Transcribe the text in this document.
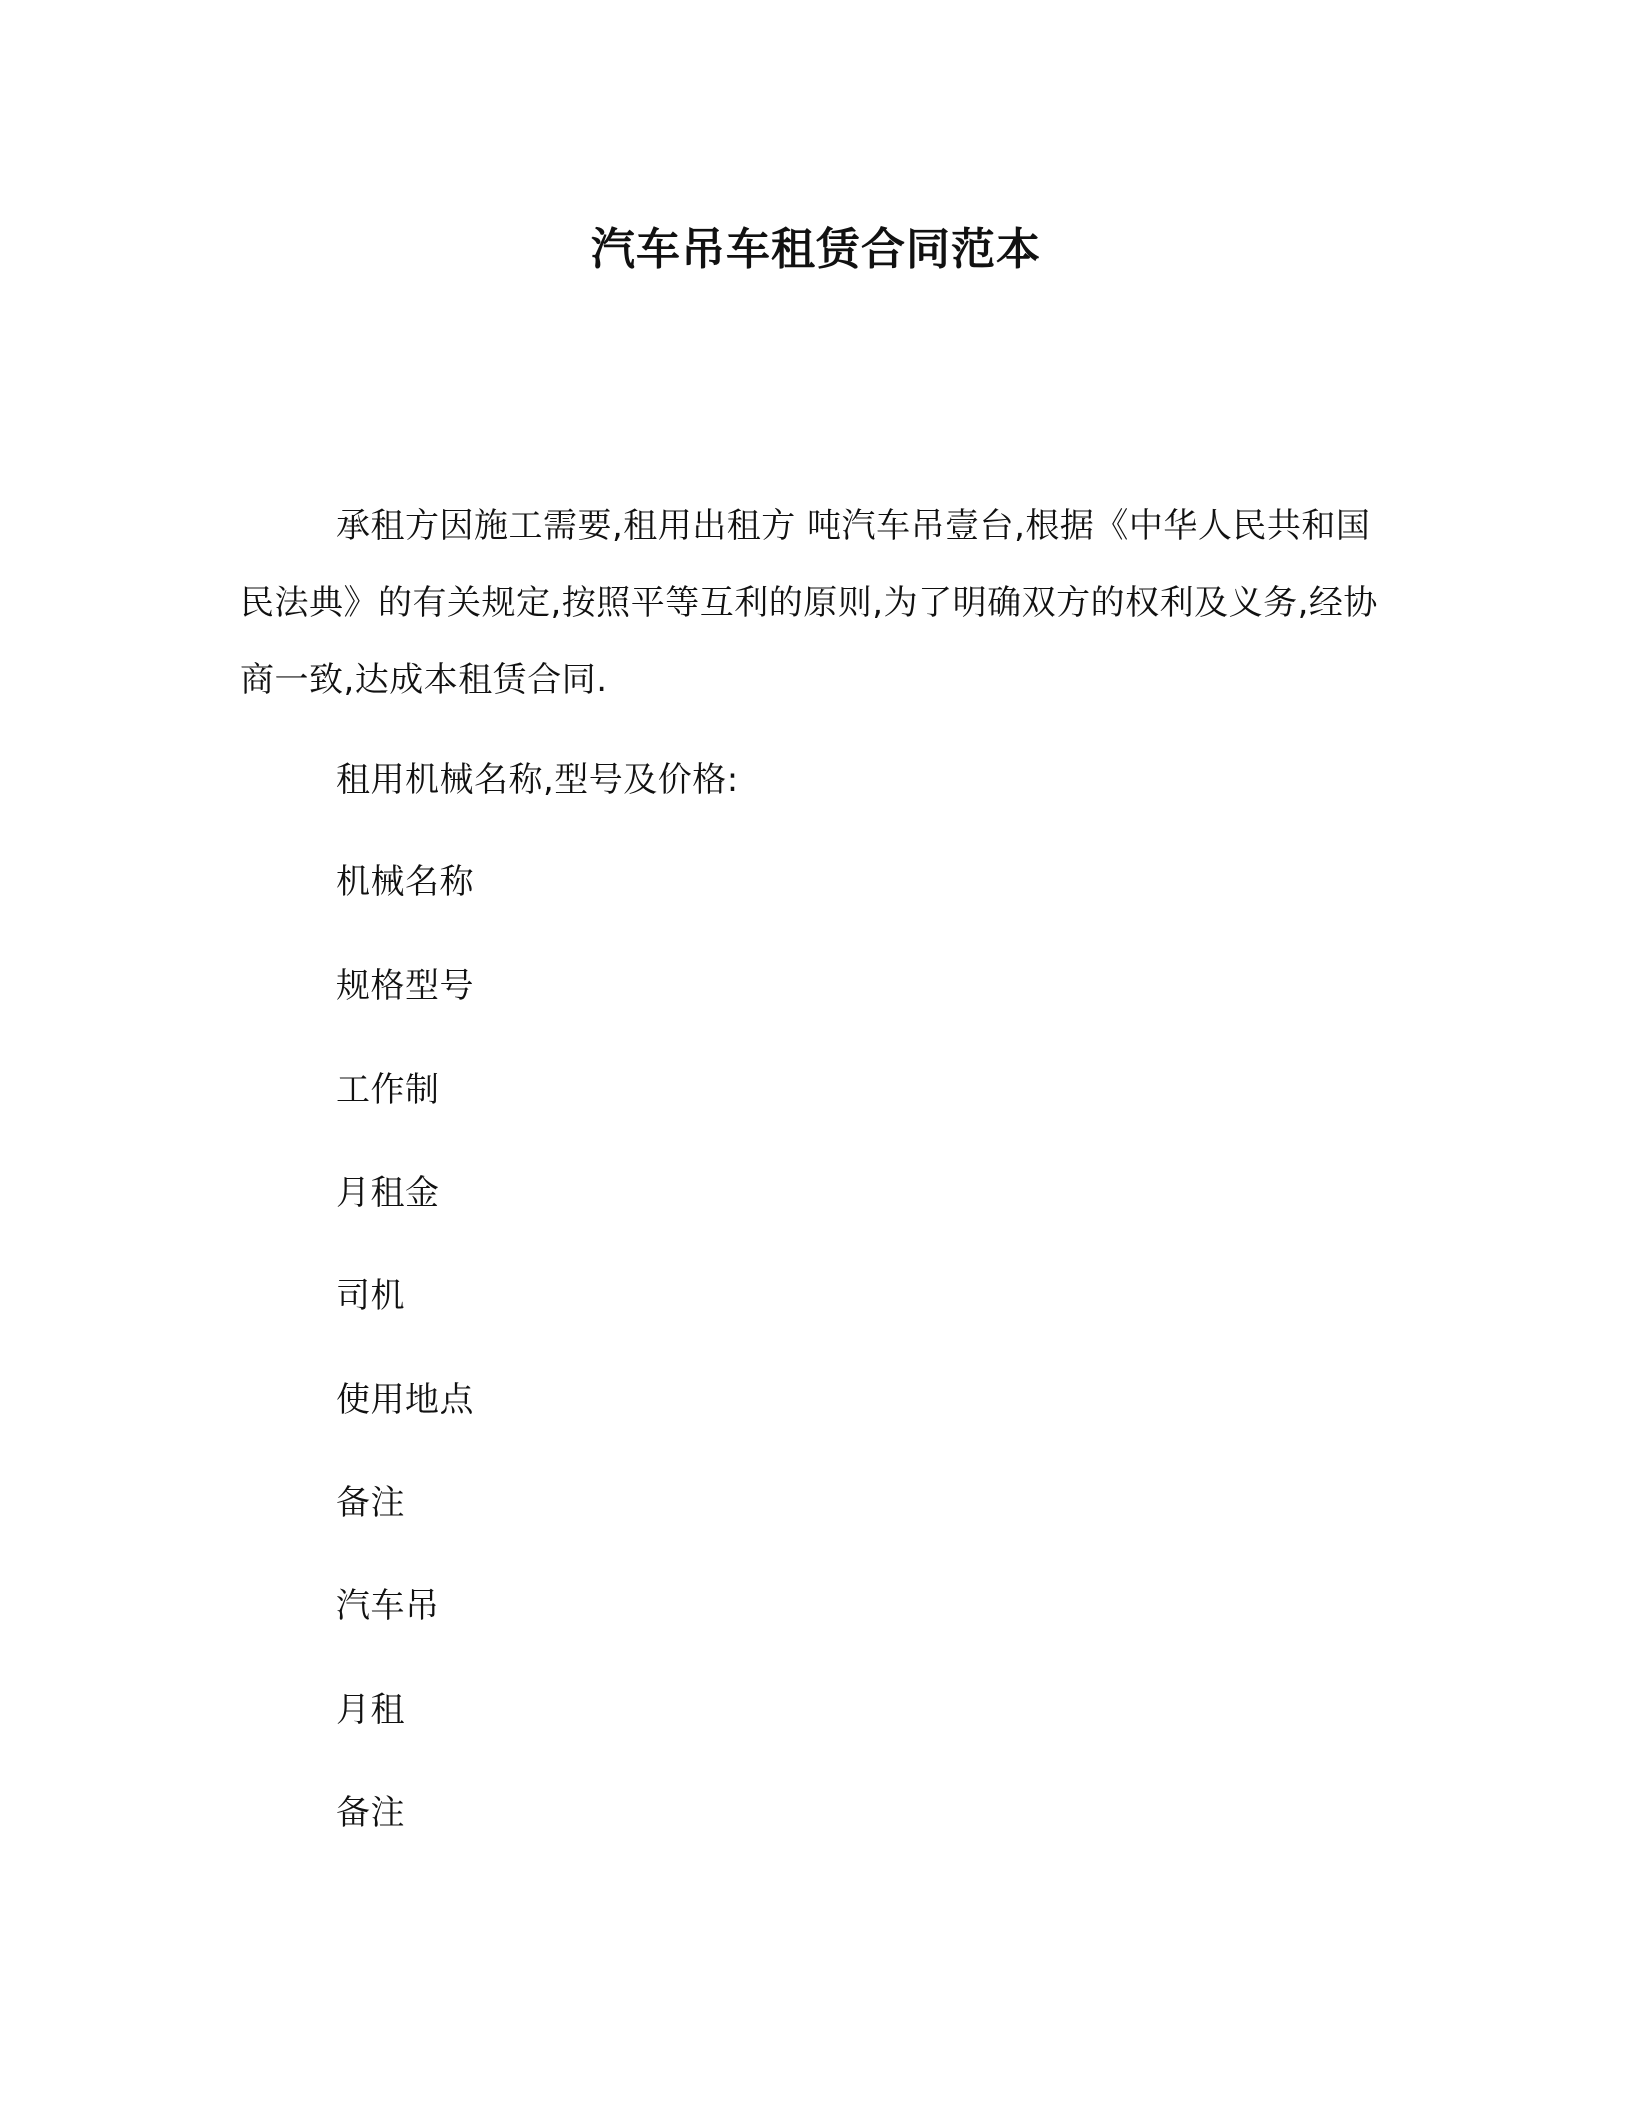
汽车吊车租赁合同范本
承租方因施工需要,租用出租方 吨汽车吊壹台,根据《中华人民共和国民法典》的有关规定,按照平等互利的原则,为了明确双方的权利及义务,经协商一致,达成本租赁合同.
租用机械名称,型号及价格:
机械名称
规格型号
工作制
月租金
司机
使用地点
备注
汽车吊
月租
备注
